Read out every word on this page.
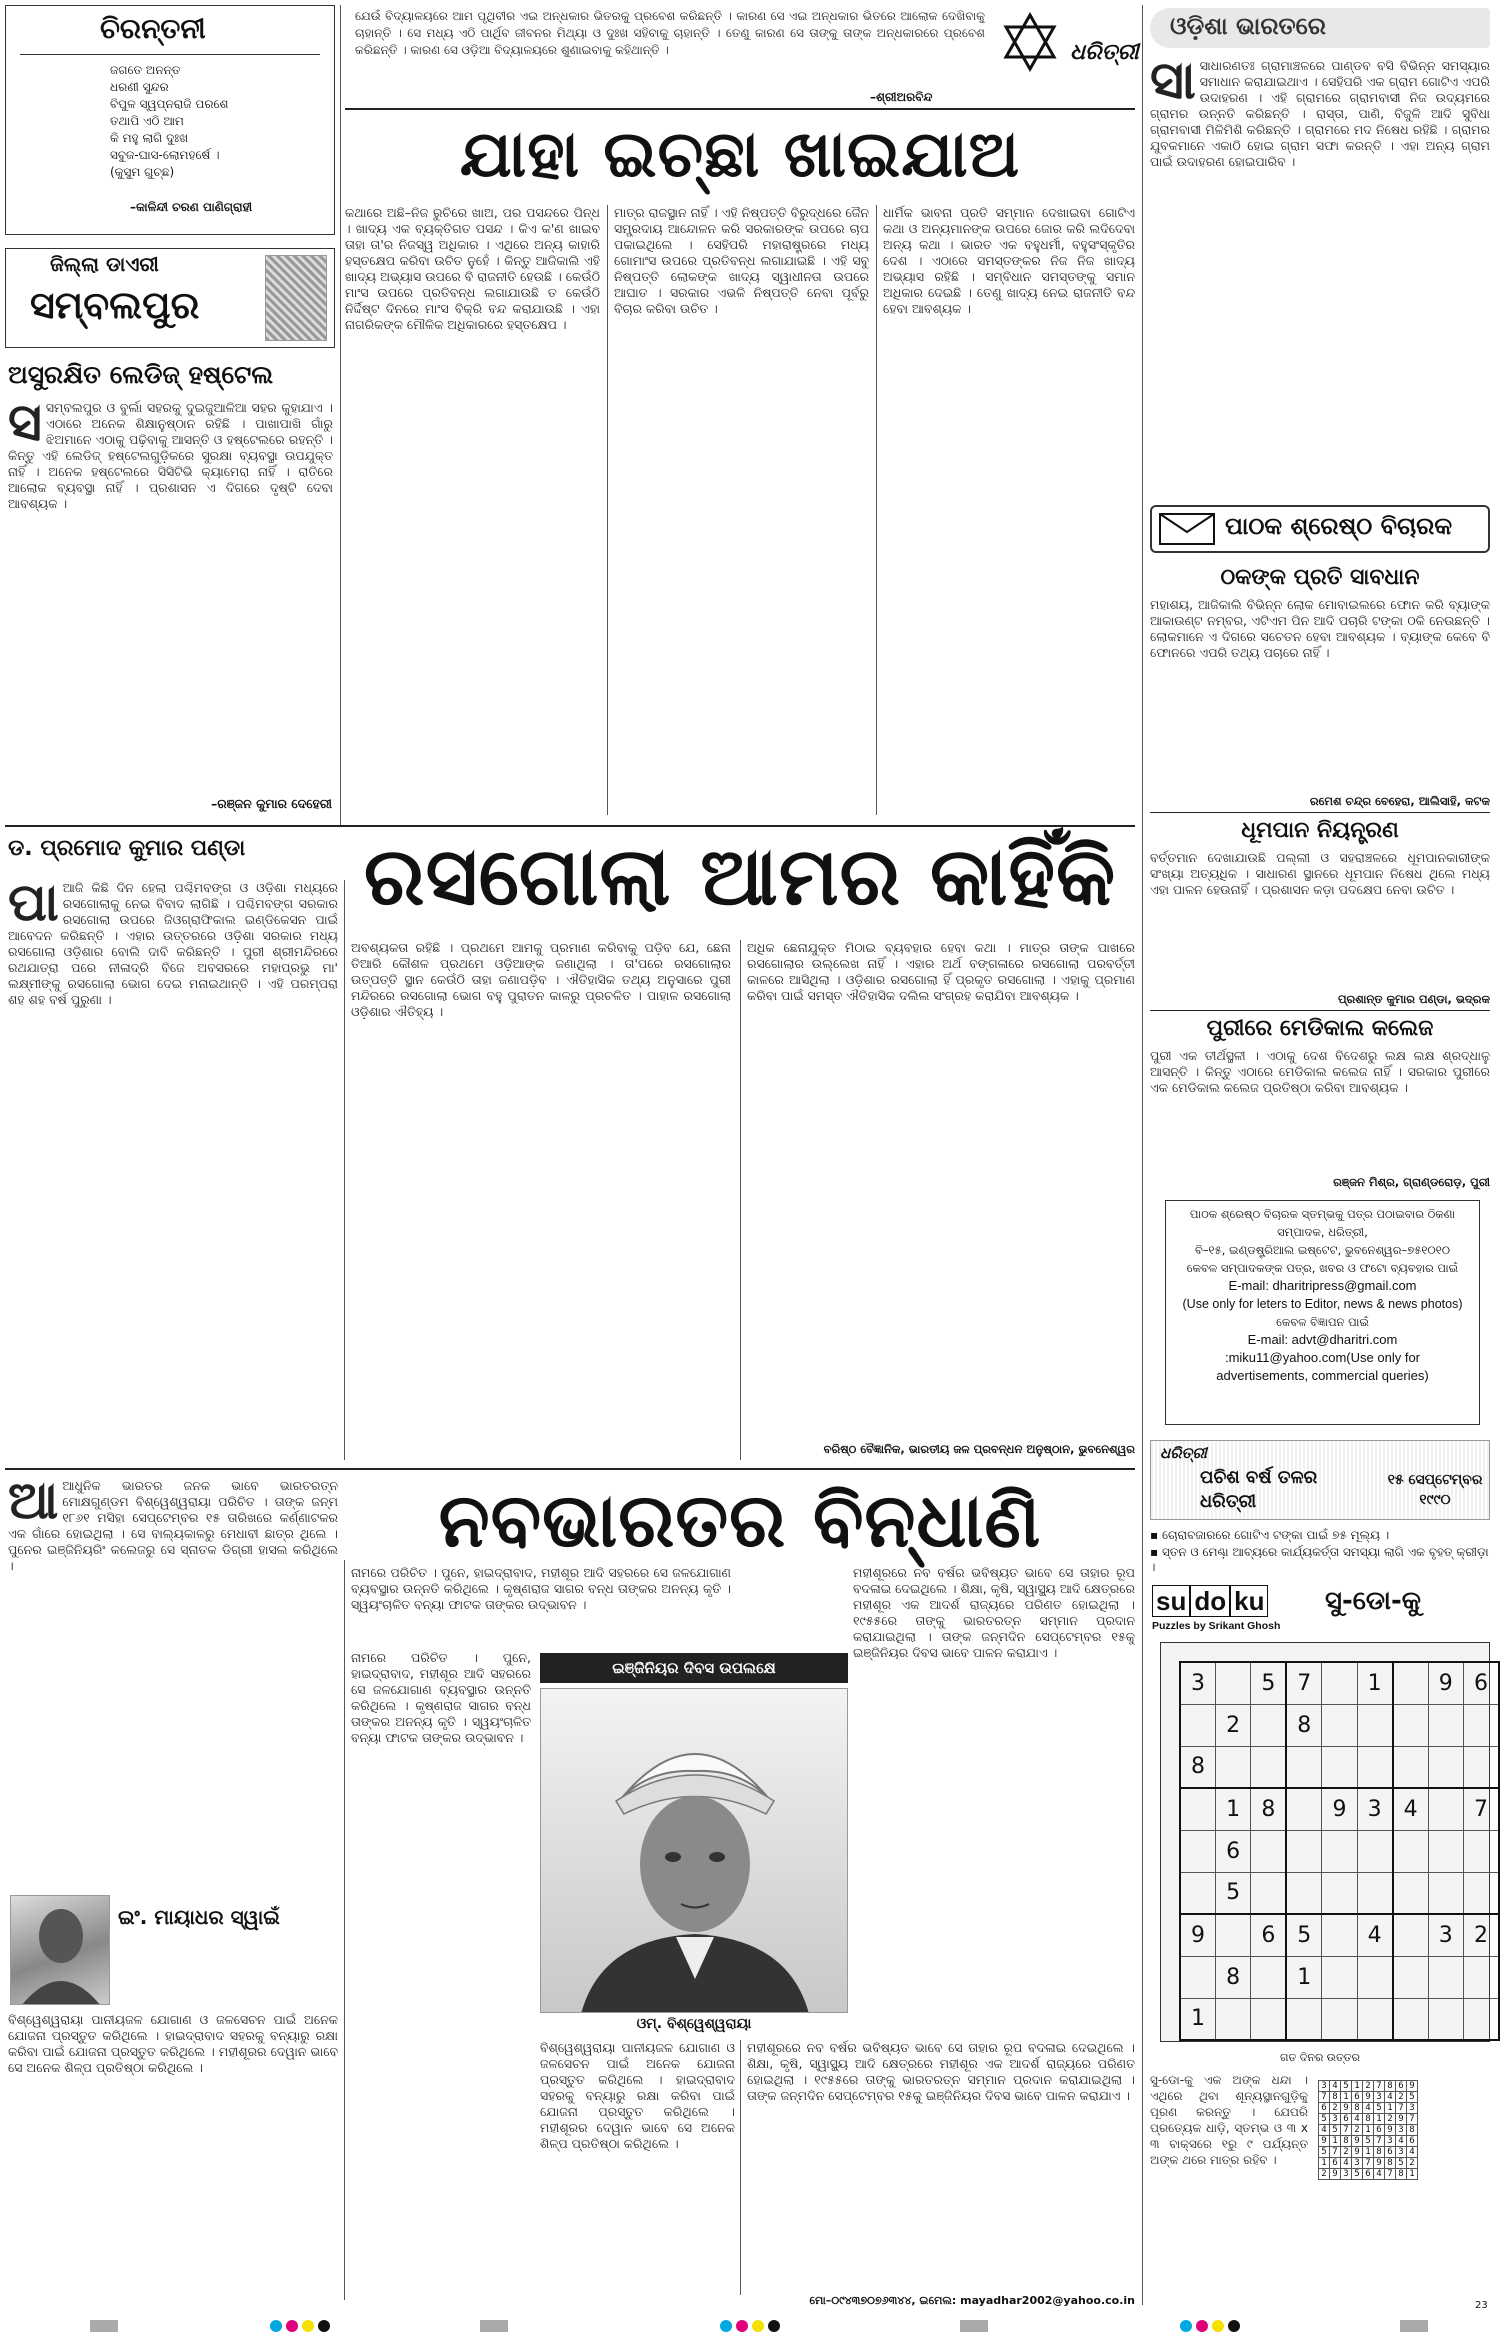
ଚିରନ୍ତନୀ
ଜଗତେ ଅନନ୍ତ
ଧରଣୀ ସୁନ୍ଦର
ବିପୁଳ ସ୍ୱପ୍ନରାଜି ପରଶେ
ତଥାପି ଏଠି ଆମ
କି ମହୁ ଲାଗି ଦୁଃଖ
ସବୁଜ-ଘାସ-ଲୋମହର୍ଷେ ।
(କୁସୁମ ଗୁଚ୍ଛ)
–କାଳିନ୍ଦୀ ଚରଣ ପାଣିଗ୍ରାହୀ
ଜିଲ୍ଲା ଡାଏରୀ
ସମ୍ବଲପୁର
ଅସୁରକ୍ଷିତ ଲେଡିଜ୍ ହଷ୍ଟେଲ
ସସମ୍ବଲପୁର ଓ ବୁର୍ଲା ସହରକୁ ଦୁଇଜୁଆଳିଆ ସହର କୁହାଯାଏ । ଏଠାରେ ଅନେକ ଶିକ୍ଷାନୁଷ୍ଠାନ ରହିଛି । ପାଖାପାଖି ଗାଁରୁ ଝିଅମାନେ ଏଠାକୁ ପଢ଼ିବାକୁ ଆସନ୍ତି ଓ ହଷ୍ଟେଲରେ ରହନ୍ତି । କିନ୍ତୁ ଏହି ଲେଡିଜ୍ ହଷ୍ଟେଲଗୁଡ଼ିକରେ ସୁରକ୍ଷା ବ୍ୟବସ୍ଥା ଉପଯୁକ୍ତ ନାହିଁ । ଅନେକ ହଷ୍ଟେଲରେ ସିସିଟିଭି କ୍ୟାମେରା ନାହିଁ । ରାତିରେ ଆଲୋକ ବ୍ୟବସ୍ଥା ନାହିଁ । ପ୍ରଶାସନ ଏ ଦିଗରେ ଦୃଷ୍ଟି ଦେବା ଆବଶ୍ୟକ ।
–ରଞ୍ଜନ କୁମାର ଦେହେରୀ
ଯେଉଁ ବିଦ୍ୟାଳୟରେ ଆମ ପୃଥିବୀର ଏଇ ଅନ୍ଧକାର ଭିତରକୁ ପ୍ରବେଶ କରିଛନ୍ତି । କାରଣ ସେ ଏଇ ଅନ୍ଧକାର ଭିତରେ ଆଲୋକ ଦେଖିବାକୁ ଚାହାନ୍ତି । ସେ ମଧ୍ୟ ଏଠି ପାର୍ଥିବ ଜୀବନର ମିଥ୍ୟା ଓ ଦୁଃଖ ସହିବାକୁ ଚାହାନ୍ତି । ତେଣୁ କାରଣ ସେ ତାଙ୍କୁ ତାଙ୍କ ଅନ୍ଧକାରରେ ପ୍ରବେଶ କରିଛନ୍ତି । କାରଣ ସେ ଓଡ଼ିଆ ବିଦ୍ୟାଳୟରେ ଶୁଣାଇବାକୁ କହିଥାନ୍ତି ।
–ଶ୍ରୀଅରବିନ୍ଦ
ଧରିତ୍ରୀ
ଯାହା ଇଚ୍ଛା ଖାଇଯାଅ
କଥାରେ ଅଛି–ନିଜ ରୁଚିରେ ଖାଅ, ପର ପସନ୍ଦରେ ପିନ୍ଧ । ଖାଦ୍ୟ ଏକ ବ୍ୟକ୍ତିଗତ ପସନ୍ଦ । କିଏ କ'ଣ ଖାଇବ ତାହା ତା'ର ନିଜସ୍ୱ ଅଧିକାର । ଏଥିରେ ଅନ୍ୟ କାହାରି ହସ୍ତକ୍ଷେପ କରିବା ଉଚିତ ନୁହେଁ । କିନ୍ତୁ ଆଜିକାଲି ଏହି ଖାଦ୍ୟ ଅଭ୍ୟାସ ଉପରେ ବି ରାଜନୀତି ହେଉଛି । କେଉଁଠି ମାଂସ ଉପରେ ପ୍ରତିବନ୍ଧ ଲଗାଯାଉଛି ତ କେଉଁଠି ନିର୍ଦ୍ଦିଷ୍ଟ ଦିନରେ ମାଂସ ବିକ୍ରି ବନ୍ଦ କରାଯାଉଛି । ଏହା ନାଗରିକଙ୍କ ମୌଳିକ ଅଧିକାରରେ ହସ୍ତକ୍ଷେପ ।
ମାତ୍ର ରାଜସ୍ଥାନ ନାହିଁ । ଏହି ନିଷ୍ପତ୍ତି ବିରୁଦ୍ଧରେ ଜୈନ ସମ୍ପ୍ରଦାୟ ଆନ୍ଦୋଳନ କରି ସରକାରଙ୍କ ଉପରେ ଚାପ ପକାଇଥିଲେ । ସେହିପରି ମହାରାଷ୍ଟ୍ରରେ ମଧ୍ୟ ଗୋମାଂସ ଉପରେ ପ୍ରତିବନ୍ଧ ଲଗାଯାଇଛି । ଏହି ସବୁ ନିଷ୍ପତ୍ତି ଲୋକଙ୍କ ଖାଦ୍ୟ ସ୍ୱାଧୀନତା ଉପରେ ଆଘାତ । ସରକାର ଏଭଳି ନିଷ୍ପତ୍ତି ନେବା ପୂର୍ବରୁ ବିଚାର କରିବା ଉଚିତ ।
ଧାର୍ମିକ ଭାବନା ପ୍ରତି ସମ୍ମାନ ଦେଖାଇବା ଗୋଟିଏ କଥା ଓ ଅନ୍ୟମାନଙ୍କ ଉପରେ ଜୋର କରି ଲଦିଦେବା ଅନ୍ୟ କଥା । ଭାରତ ଏକ ବହୁଧର୍ମୀ, ବହୁସଂସ୍କୃତିର ଦେଶ । ଏଠାରେ ସମସ୍ତଙ୍କର ନିଜ ନିଜ ଖାଦ୍ୟ ଅଭ୍ୟାସ ରହିଛି । ସମ୍ବିଧାନ ସମସ୍ତଙ୍କୁ ସମାନ ଅଧିକାର ଦେଇଛି । ତେଣୁ ଖାଦ୍ୟ ନେଇ ରାଜନୀତି ବନ୍ଦ ହେବା ଆବଶ୍ୟକ ।
ଡ. ପ୍ରମୋଦ କୁମାର ପଣ୍ଡା ରସଗୋଲା ଆମର କାହିଁକି
ପାଆଜି କିଛି ଦିନ ହେଲା ପଶ୍ଚିମବଙ୍ଗ ଓ ଓଡ଼ିଶା ମଧ୍ୟରେ ରସଗୋଲାକୁ ନେଇ ବିବାଦ ଲାଗିଛି । ପଶ୍ଚିମବଙ୍ଗ ସରକାର ରସଗୋଲା ଉପରେ ଜିଓଗ୍ରାଫିକାଲ ଇଣ୍ଡିକେସନ ପାଇଁ ଆବେଦନ କରିଛନ୍ତି । ଏହାର ଉତ୍ତରରେ ଓଡ଼ିଶା ସରକାର ମଧ୍ୟ ରସଗୋଲା ଓଡ଼ିଶାର ବୋଲି ଦାବି କରିଛନ୍ତି । ପୁରୀ ଶ୍ରୀମନ୍ଦିରରେ ରଥଯାତ୍ରା ପରେ ନୀଳାଦ୍ରି ବିଜେ ଅବସରରେ ମହାପ୍ରଭୁ ମା' ଲକ୍ଷ୍ମୀଙ୍କୁ ରସଗୋଲା ଭୋଗ ଦେଇ ମନାଇଥାନ୍ତି । ଏହି ପରମ୍ପରା ଶହ ଶହ ବର୍ଷ ପୁରୁଣା ।
ଅବଶ୍ୟକତା ରହିଛି । ପ୍ରଥମେ ଆମକୁ ପ୍ରମାଣ କରିବାକୁ ପଡ଼ିବ ଯେ, ଛେନା ତିଆରି କୌଶଳ ପ୍ରଥମେ ଓଡ଼ିଆଙ୍କ ଜଣାଥିଲା । ତା'ପରେ ରସଗୋଲାର ଉତ୍ପତ୍ତି ସ୍ଥାନ କେଉଁଠି ତାହା ଜଣାପଡ଼ିବ । ଐତିହାସିକ ତଥ୍ୟ ଅନୁସାରେ ପୁରୀ ମନ୍ଦିରରେ ରସଗୋଲା ଭୋଗ ବହୁ ପୁରାତନ କାଳରୁ ପ୍ରଚଳିତ । ପାହାଳ ରସଗୋଲା ଓଡ଼ିଶାର ଐତିହ୍ୟ ।
ଅଧିକ ଛେନାଯୁକ୍ତ ମିଠାଇ ବ୍ୟବହାର ହେବା କଥା । ମାତ୍ର ତାଙ୍କ ପାଖରେ ରସଗୋଲାର ଉଲ୍ଲେଖ ନାହିଁ । ଏହାର ଅର୍ଥ ବଙ୍ଗଳାରେ ରସଗୋଲା ପରବର୍ତ୍ତୀ କାଳରେ ଆସିଥିଲା । ଓଡ଼ିଶାର ରସଗୋଲା ହିଁ ପ୍ରକୃତ ରସଗୋଲା । ଏହାକୁ ପ୍ରମାଣ କରିବା ପାଇଁ ସମସ୍ତ ଐତିହାସିକ ଦଲିଲ ସଂଗ୍ରହ କରାଯିବା ଆବଶ୍ୟକ ।
ବରିଷ୍ଠ ବୈଜ୍ଞାନିକ, ଭାରତୀୟ ଜଳ ପ୍ରବନ୍ଧନ ଅନୁଷ୍ଠାନ, ଭୁବନେଶ୍ୱର
ନବଭାରତର ବିନ୍ଧାଣି
ଆଆଧୁନିକ ଭାରତର ଜନକ ଭାବେ ଭାରତରତ୍ନ ମୋକ୍ଷଗୁଣ୍ଡମ ବିଶ୍ୱେଶ୍ୱରାୟା ପରିଚିତ । ତାଙ୍କ ଜନ୍ମ ୧୮୬୧ ମସିହା ସେପ୍ଟେମ୍ବର ୧୫ ତାରିଖରେ କର୍ଣ୍ଣାଟକର ଏକ ଗାଁରେ ହୋଇଥିଲା । ସେ ବାଲ୍ୟକାଳରୁ ମେଧାବୀ ଛାତ୍ର ଥିଲେ । ପୁନେର ଇଞ୍ଜିନିୟରିଂ କଲେଜରୁ ସେ ସ୍ନାତକ ଡିଗ୍ରୀ ହାସଲ କରିଥିଲେ ।
ଇଂ. ମାୟାଧର ସ୍ୱାଇଁ
ବିଶ୍ୱେଶ୍ୱରାୟା ପାନୀୟଜଳ ଯୋଗାଣ ଓ ଜଳସେଚନ ପାଇଁ ଅନେକ ଯୋଜନା ପ୍ରସ୍ତୁତ କରିଥିଲେ । ହାଇଦ୍ରାବାଦ ସହରକୁ ବନ୍ୟାରୁ ରକ୍ଷା କରିବା ପାଇଁ ଯୋଜନା ପ୍ରସ୍ତୁତ କରିଥିଲେ । ମହୀଶୂରର ଦେୱାନ ଭାବେ ସେ ଅନେକ ଶିଳ୍ପ ପ୍ରତିଷ୍ଠା କରିଥିଲେ ।
ନାମରେ ପରିଚିତ । ପୁନେ, ହାଇଦ୍ରାବାଦ, ମହୀଶୂର ଆଦି ସହରରେ ସେ ଜଳଯୋଗାଣ ବ୍ୟବସ୍ଥାର ଉନ୍ନତି କରିଥିଲେ । କୃଷ୍ଣରାଜ ସାଗର ବନ୍ଧ ତାଙ୍କର ଅନନ୍ୟ କୃତି । ସ୍ୱୟଂଚାଳିତ ବନ୍ୟା ଫାଟକ ତାଙ୍କର ଉଦ୍ଭାବନ ।
ନାମରେ ପରିଚିତ । ପୁନେ, ହାଇଦ୍ରାବାଦ, ମହୀଶୂର ଆଦି ସହରରେ ସେ ଜଳଯୋଗାଣ ବ୍ୟବସ୍ଥାର ଉନ୍ନତି କରିଥିଲେ । କୃଷ୍ଣରାଜ ସାଗର ବନ୍ଧ ତାଙ୍କର ଅନନ୍ୟ କୃତି । ସ୍ୱୟଂଚାଳିତ ବନ୍ୟା ଫାଟକ ତାଙ୍କର ଉଦ୍ଭାବନ ।
ଇଞ୍ଜିନିୟର ଦିବସ ଉପଲକ୍ଷେ
ଓମ୍. ବିଶ୍ୱେଶ୍ୱରାୟା
ବିଶ୍ୱେଶ୍ୱରାୟା ପାନୀୟଜଳ ଯୋଗାଣ ଓ ଜଳସେଚନ ପାଇଁ ଅନେକ ଯୋଜନା ପ୍ରସ୍ତୁତ କରିଥିଲେ । ହାଇଦ୍ରାବାଦ ସହରକୁ ବନ୍ୟାରୁ ରକ୍ଷା କରିବା ପାଇଁ ଯୋଜନା ପ୍ରସ୍ତୁତ କରିଥିଲେ । ମହୀଶୂରର ଦେୱାନ ଭାବେ ସେ ଅନେକ ଶିଳ୍ପ ପ୍ରତିଷ୍ଠା କରିଥିଲେ ।
ମହୀଶୂରରେ ନବ ବର୍ଷର ଭବିଷ୍ୟତ ଭାବେ ସେ ତାହାର ରୂପ ବଦଳାଇ ଦେଇଥିଲେ । ଶିକ୍ଷା, କୃଷି, ସ୍ୱାସ୍ଥ୍ୟ ଆଦି କ୍ଷେତ୍ରରେ ମହୀଶୂର ଏକ ଆଦର୍ଶ ରାଜ୍ୟରେ ପରିଣତ ହୋଇଥିଲା । ୧୯୫୫ରେ ତାଙ୍କୁ ଭାରତରତ୍ନ ସମ୍ମାନ ପ୍ରଦାନ କରାଯାଇଥିଲା । ତାଙ୍କ ଜନ୍ମଦିନ ସେପ୍ଟେମ୍ବର ୧୫କୁ ଇଞ୍ଜିନିୟର ଦିବସ ଭାବେ ପାଳନ କରାଯାଏ ।
ମହୀଶୂରରେ ନବ ବର୍ଷର ଭବିଷ୍ୟତ ଭାବେ ସେ ତାହାର ରୂପ ବଦଳାଇ ଦେଇଥିଲେ । ଶିକ୍ଷା, କୃଷି, ସ୍ୱାସ୍ଥ୍ୟ ଆଦି କ୍ଷେତ୍ରରେ ମହୀଶୂର ଏକ ଆଦର୍ଶ ରାଜ୍ୟରେ ପରିଣତ ହୋଇଥିଲା । ୧୯୫୫ରେ ତାଙ୍କୁ ଭାରତରତ୍ନ ସମ୍ମାନ ପ୍ରଦାନ କରାଯାଇଥିଲା । ତାଙ୍କ ଜନ୍ମଦିନ ସେପ୍ଟେମ୍ବର ୧୫କୁ ଇଞ୍ଜିନିୟର ଦିବସ ଭାବେ ପାଳନ କରାଯାଏ ।
ମୋ–୦୯୪୩୭୦୭୬୩୪୪, ଇମେଲ: mayadhar2002@yahoo.co.in
ଓଡ଼ିଶା ଭାରତରେ
ସାସାଧାରଣତଃ ଗ୍ରାମାଞ୍ଚଳରେ ପାଣ୍ଡବ ବସି ବିଭିନ୍ନ ସମସ୍ୟାର ସମାଧାନ କରାଯାଇଥାଏ । ସେହିପରି ଏକ ଗ୍ରାମ ଗୋଟିଏ ଏପରି ଉଦାହରଣ । ଏହି ଗ୍ରାମରେ ଗ୍ରାମବାସୀ ନିଜ ଉଦ୍ୟମରେ ଗ୍ରାମର ଉନ୍ନତି କରିଛନ୍ତି । ରାସ୍ତା, ପାଣି, ବିଜୁଳି ଆଦି ସୁବିଧା ଗ୍ରାମବାସୀ ମିଳିମିଶି କରିଛନ୍ତି । ଗ୍ରାମରେ ମଦ ନିଷେଧ ରହିଛି । ଗ୍ରାମର ଯୁବକମାନେ ଏକାଠି ହୋଇ ଗ୍ରାମ ସଫା କରନ୍ତି । ଏହା ଅନ୍ୟ ଗ୍ରାମ ପାଇଁ ଉଦାହରଣ ହୋଇପାରିବ ।
ପାଠକ ଶ୍ରେଷ୍ଠ ବିଚାରକ
ଠକଙ୍କ ପ୍ରତି ସାବଧାନ
ମହାଶୟ, ଆଜିକାଲି ବିଭିନ୍ନ ଲୋକ ମୋବାଇଲରେ ଫୋନ କରି ବ୍ୟାଙ୍କ ଆକାଉଣ୍ଟ ନମ୍ବର, ଏଟିଏମ ପିନ ଆଦି ପଚାରି ଟଙ୍କା ଠକି ନେଉଛନ୍ତି । ଲୋକମାନେ ଏ ଦିଗରେ ସଚେତନ ହେବା ଆବଶ୍ୟକ । ବ୍ୟାଙ୍କ କେବେ ବି ଫୋନରେ ଏପରି ତଥ୍ୟ ପଚାରେ ନାହିଁ ।
ରମେଶ ଚନ୍ଦ୍ର ବେହେରା, ଆଲିସାହି, କଟକ
ଧୂମପାନ ନିୟନ୍ତ୍ରଣ
ବର୍ତ୍ତମାନ ଦେଖାଯାଉଛି ପଲ୍ଲୀ ଓ ସହରାଞ୍ଚଳରେ ଧୂମପାନକାରୀଙ୍କ ସଂଖ୍ୟା ଅତ୍ୟଧିକ । ସାଧାରଣ ସ୍ଥାନରେ ଧୂମପାନ ନିଷେଧ ଥିଲେ ମଧ୍ୟ ଏହା ପାଳନ ହେଉନାହିଁ । ପ୍ରଶାସନ କଡ଼ା ପଦକ୍ଷେପ ନେବା ଉଚିତ ।
ପ୍ରଶାନ୍ତ କୁମାର ପଣ୍ଡା, ଭଦ୍ରକ
ପୁରୀରେ ମେଡିକାଲ କଲେଜ
ପୁରୀ ଏକ ତୀର୍ଥସ୍ଥଳୀ । ଏଠାକୁ ଦେଶ ବିଦେଶରୁ ଲକ୍ଷ ଲକ୍ଷ ଶ୍ରଦ୍ଧାଳୁ ଆସନ୍ତି । କିନ୍ତୁ ଏଠାରେ ମେଡିକାଲ କଲେଜ ନାହିଁ । ସରକାର ପୁରୀରେ ଏକ ମେଡିକାଲ କଲେଜ ପ୍ରତିଷ୍ଠା କରିବା ଆବଶ୍ୟକ ।
ରଞ୍ଜନ ମିଶ୍ର, ଗ୍ରାଣ୍ଡରୋଡ଼, ପୁରୀ
ପାଠକ ଶ୍ରେଷ୍ଠ ବିଚାରକ ସ୍ତମ୍ଭକୁ ପତ୍ର ପଠାଇବାର ଠିକଣା
ସମ୍ପାଦକ, ଧରିତ୍ରୀ,
ବି–୧୫, ଇଣ୍ଡଷ୍ଟ୍ରିଆଲ ଇଷ୍ଟେଟ, ଭୁବନେଶ୍ୱର–୭୫୧୦୧୦
କେବଳ ସମ୍ପାଦକଙ୍କ ପତ୍ର, ଖବର ଓ ଫଟୋ ବ୍ୟବହାର ପାଇଁ
E-mail: dharitripress@gmail.com
(Use only for leters to Editor, news & news photos)
କେବଳ ବିଜ୍ଞାପନ ପାଇଁ
E-mail: advt@dharitri.com
:miku11@yahoo.com(Use only for
advertisements, commercial queries)
ଧରିତ୍ରୀ
ପଚିଶ ବର୍ଷ ତଳର ଧରିତ୍ରୀ
୧୫ ସେପ୍ଟେମ୍ବର ୧୯୯୦
▪ ଚୋରାବଜାରରେ ଗୋଟିଏ ଟଙ୍କା ପାଇଁ ୭୫ ମୂଲ୍ୟ ।
▪ ସ୍ତନ ଓ ମେଣ୍ଢ଼ା ଆବ୍ୟରେ କାର୍ଯ୍ୟକର୍ତ୍ତା ସମସ୍ୟା ଲାଗି ଏକ ବୃହତ୍ କ୍ରୀଡ଼ା ।
su do ku
Puzzles by Srikant Ghosh
ସୁ-ଡୋ-କୁ
3		5	7		1		9	6
	2		8					
8								
	1	8		9	3	4		7
	6							
	5							
9		6	5		4		3	2
	8		1					
1								
ଗତ ଦିନର ଉତ୍ତର
ସୁ-ଡୋ-କୁ ଏକ ଅଙ୍କ ଧନ୍ଦା । ଏଥିରେ ଥିବା ଶୂନ୍ୟସ୍ଥାନଗୁଡ଼ିକୁ ପୂରଣ କରନ୍ତୁ । ଯେପରି ପ୍ରତ୍ୟେକ ଧାଡ଼ି, ସ୍ତମ୍ଭ ଓ ୩ x ୩ ବାକ୍ସରେ ୧ରୁ ୯ ପର୍ଯ୍ୟନ୍ତ ଅଙ୍କ ଥରେ ମାତ୍ର ରହିବ ।
3	4	5	1	2	7	8	6	9
7	8	1	6	9	3	4	2	5
6	2	9	8	4	5	1	7	3
5	3	6	4	8	1	2	9	7
4	5	7	2	1	6	9	3	8
9	1	8	9	5	7	3	4	6
5	7	2	9	1	8	6	3	4
1	6	4	3	7	9	8	5	2
2	9	3	5	6	4	7	8	1
23
